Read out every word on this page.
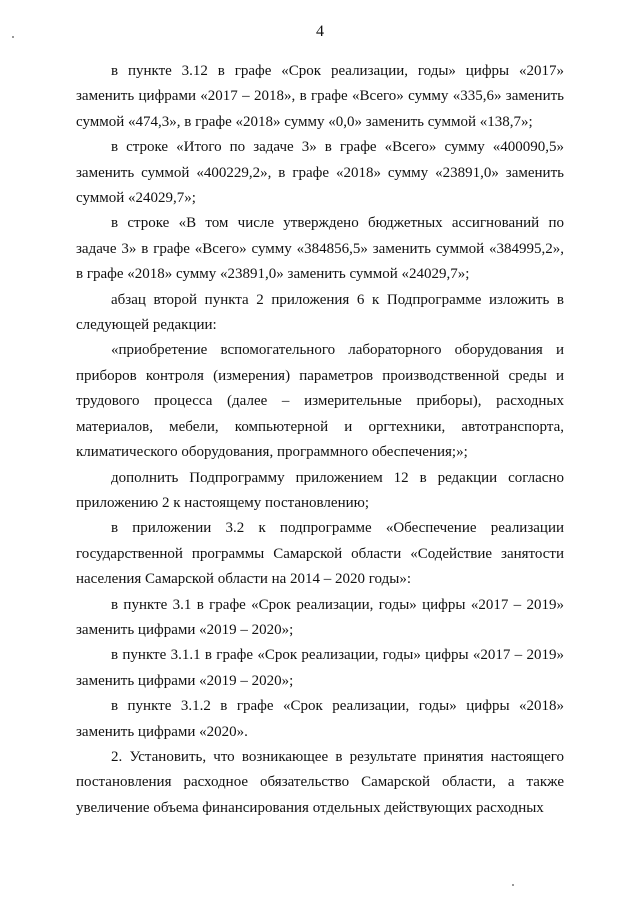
4

в пункте 3.12 в графе «Срок реализации, годы» цифры «2017» заменить цифрами «2017 – 2018», в графе «Всего» сумму «335,6» заменить суммой «474,3», в графе «2018» сумму «0,0» заменить суммой «138,7»;

в строке «Итого по задаче 3» в графе «Всего» сумму «400090,5» заменить суммой «400229,2», в графе «2018» сумму «23891,0» заменить суммой «24029,7»;

в строке «В том числе утверждено бюджетных ассигнований по задаче 3» в графе «Всего» сумму «384856,5» заменить суммой «384995,2», в графе «2018» сумму «23891,0» заменить суммой «24029,7»;

абзац второй пункта 2 приложения 6 к Подпрограмме изложить в следующей редакции:

«приобретение вспомогательного лабораторного оборудования и приборов контроля (измерения) параметров производственной среды и трудового процесса (далее – измерительные приборы), расходных материалов, мебели, компьютерной и оргтехники, автотранспорта, климатического оборудования, программного обеспечения;»;

дополнить Подпрограмму приложением 12 в редакции согласно приложению 2 к настоящему постановлению;

в приложении 3.2 к подпрограмме «Обеспечение реализации государственной программы Самарской области «Содействие занятости населения Самарской области на 2014 – 2020 годы»:

в пункте 3.1 в графе «Срок реализации, годы» цифры «2017 – 2019» заменить цифрами «2019 – 2020»;

в пункте 3.1.1 в графе «Срок реализации, годы» цифры «2017 – 2019» заменить цифрами «2019 – 2020»;

в пункте 3.1.2 в графе «Срок реализации, годы» цифры «2018» заменить цифрами «2020».

2. Установить, что возникающее в результате принятия настоящего постановления расходное обязательство Самарской области, а также увеличение объема финансирования отдельных действующих расходных
